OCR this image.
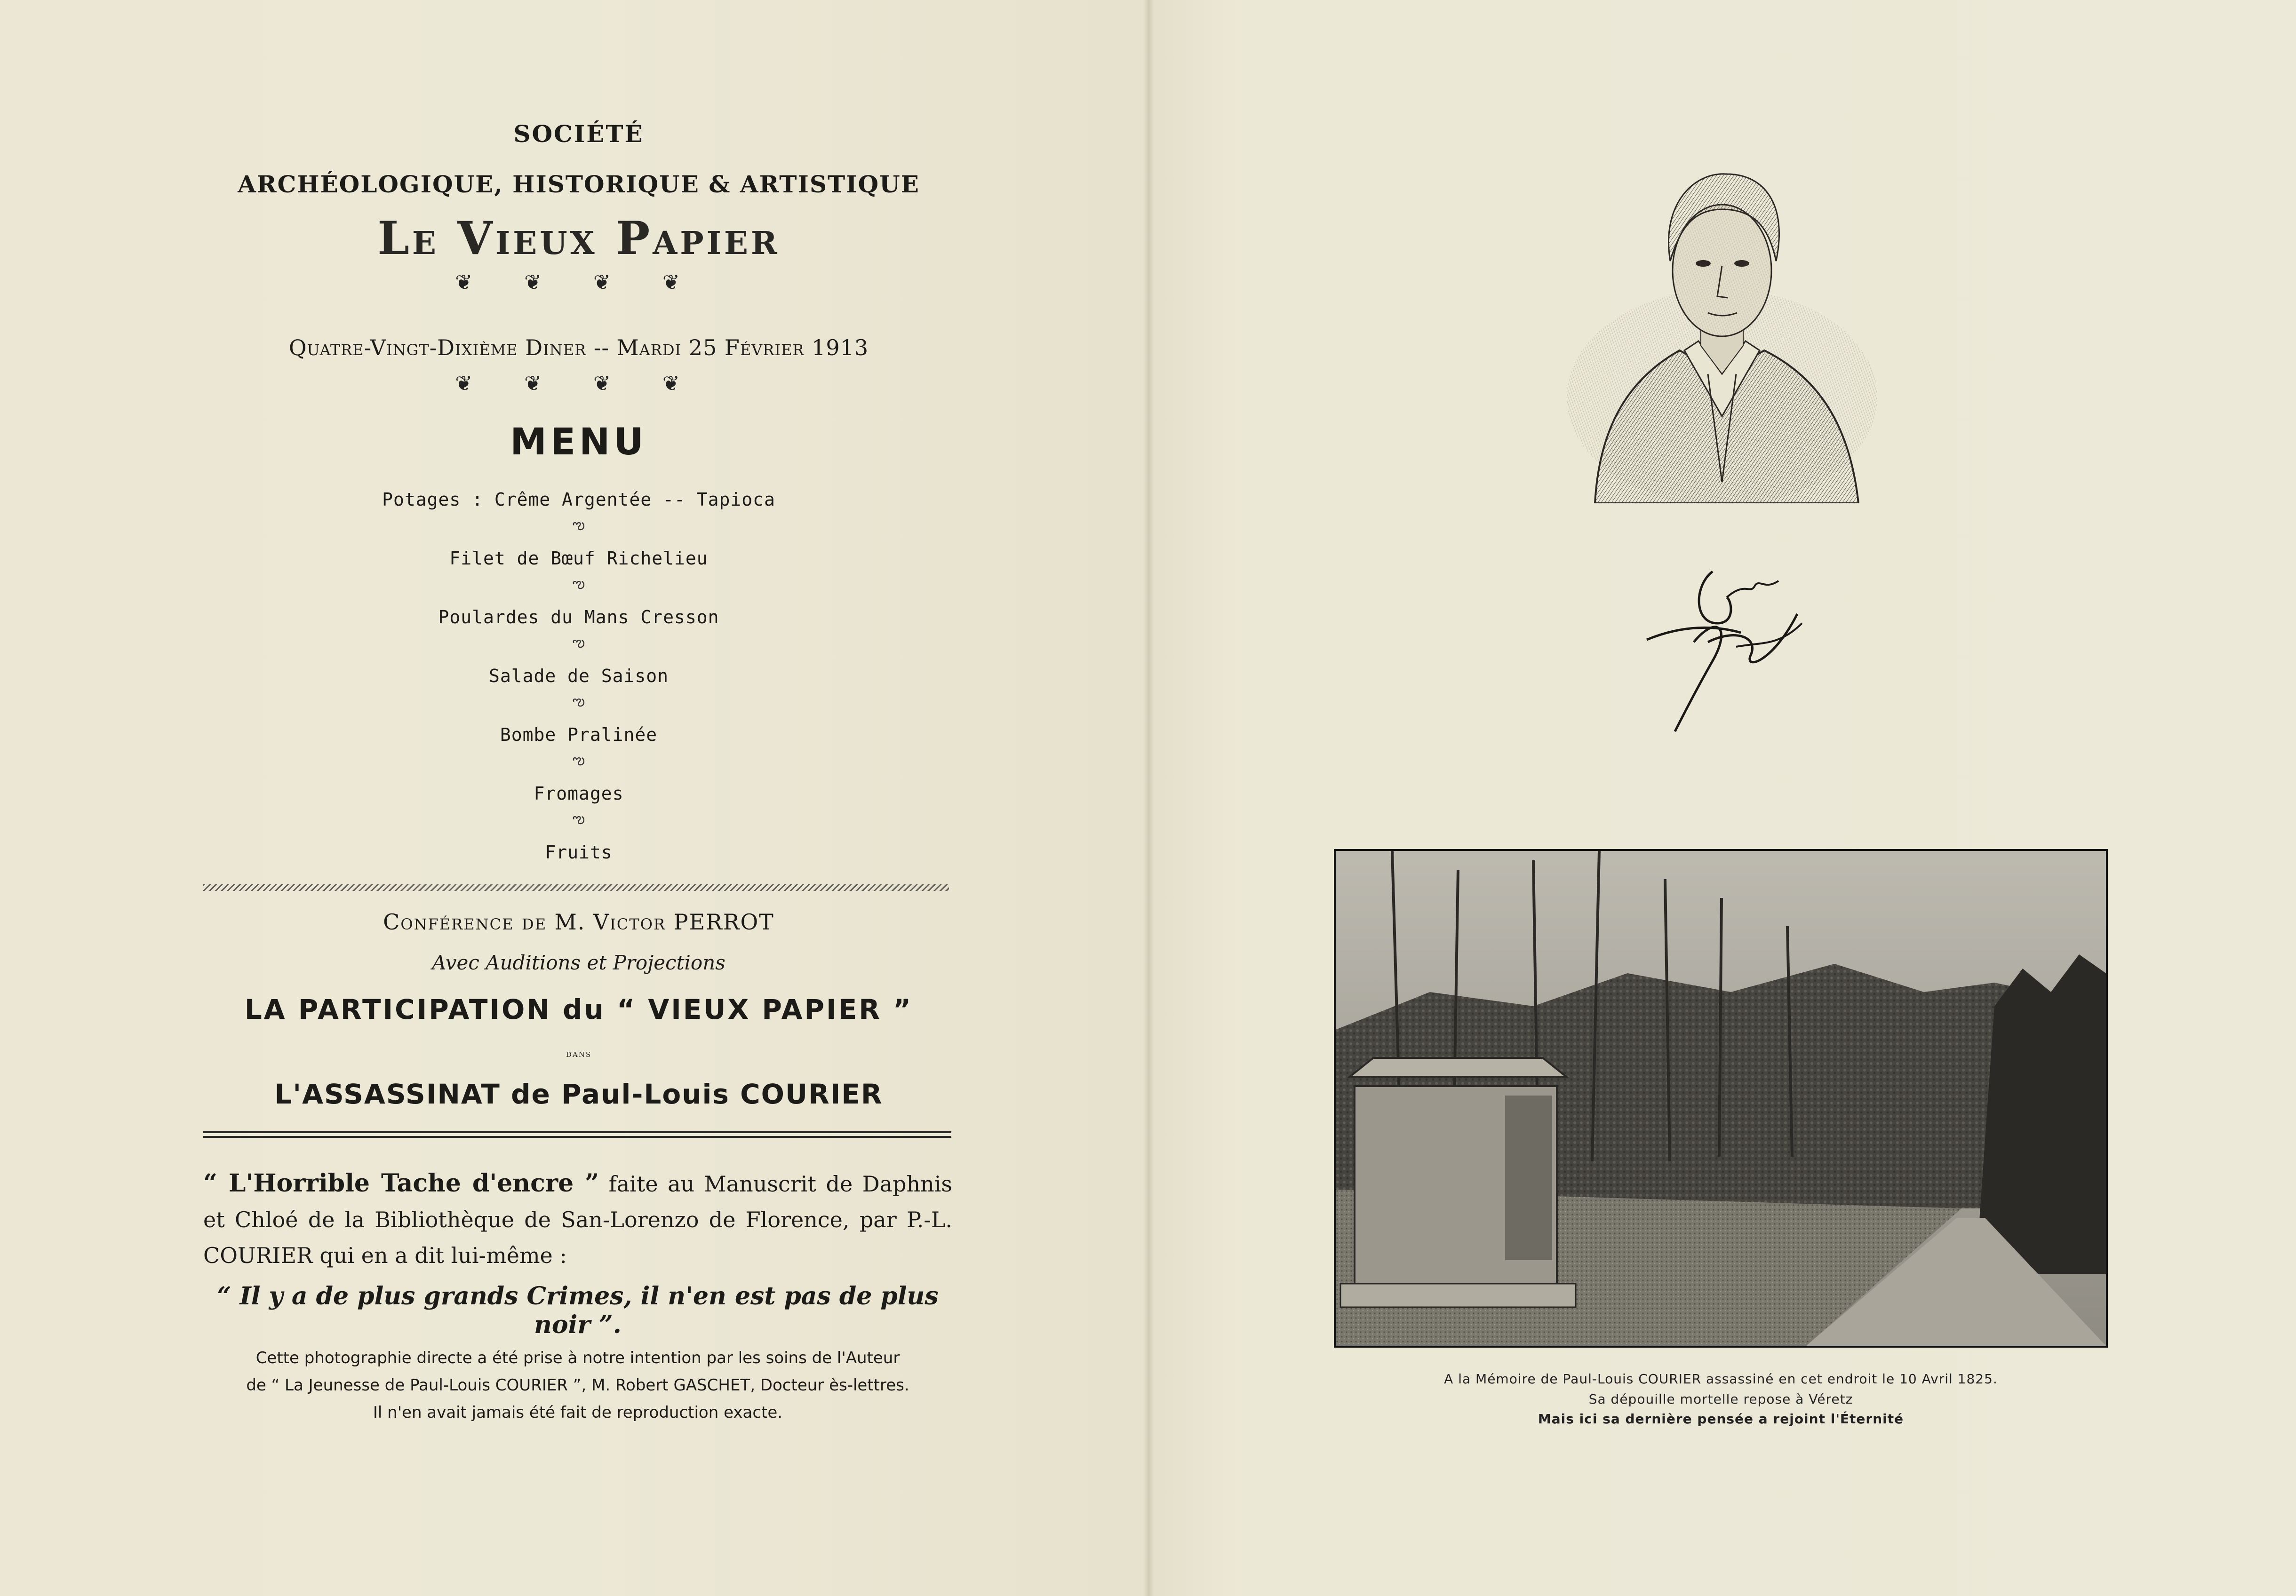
SOCIÉTÉ
ARCHÉOLOGIQUE, HISTORIQUE & ARTISTIQUE
Le Vieux Papier
❦ ❦ ❦ ❦
Quatre-Vingt-Dixième Diner -- Mardi 25 Février 1913
❦ ❦ ❦ ❦
MENU
Potages : Crême Argentée -- Tapioca
ఌ
Filet de Bœuf Richelieu
ఌ
Poulardes du Mans Cresson
ఌ
Salade de Saison
ఌ
Bombe Pralinée
ఌ
Fromages
ఌ
Fruits
Conférence de M. Victor PERROT
Avec Auditions et Projections
LA PARTICIPATION du “ VIEUX PAPIER ”
dans
L'ASSASSINAT de Paul-Louis COURIER
“ L'Horrible Tache d'encre ” faite au Manuscrit de Daphnis et Chloé de la Bibliothèque de San-Lorenzo de Florence, par P.-L. COURIER qui en a dit lui-même :
“ Il y a de plus grands Crimes, il n'en est pas de plus noir ”.
Cette photographie directe a été prise à notre intention par les soins de l'Auteur
de “ La Jeunesse de Paul-Louis COURIER ”, M. Robert GASCHET, Docteur ès-lettres.
Il n'en avait jamais été fait de reproduction exacte.
A la Mémoire de Paul-Louis COURIER assassiné en cet endroit le 10 Avril 1825.
Sa dépouille mortelle repose à Véretz
Mais ici sa dernière pensée a rejoint l'Éternité
